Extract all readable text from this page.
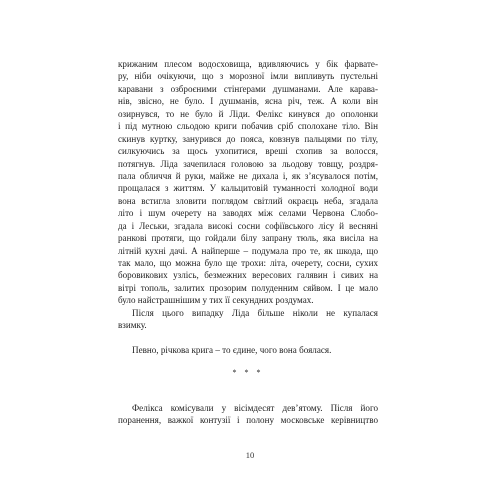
крижаним плесом водосховища, вдивляючись у бік фарвате-
ру, ніби очікуючи, що з морозної імли випливуть пустельні
каравани з озброєними стінґерами душманами. Але карава-
нів, звісно, не було. І душманів, ясна річ, теж. А коли він
озирнувся, то не було й Ліди. Фелікс кинувся до ополонки
і під мутною сльодою криги побачив сріб сполохане тіло. Він
скинув куртку, занурився до пояса, ковзнув пальцями по тілу,
силкуючись за щось ухопитися, вреші схопив за волосся,
потягнув. Ліда зачепилася головою за льодову товщу, роздря-
пала обличчя й руки, майже не дихала і, як з’ясувалося потім,
прощалася з життям. У кальцитовій туманності холодної води
вона встигла зловити поглядом світлий окраєць неба, згадала
літо і шум очерету на заводях між селами Червона Слобо-
да і Леськи, згадала високі сосни софіївського лісу й весняні
ранкові протяги, що гойдали білу запрану тюль, яка висіла на
літній кухні дачі. А найперше – подумала про те, як шкода, що
так мало, що можна було ще трохи: літа, очерету, сосни, сухих
боровикових узлісь, безмежних вересових галявин і сивих на
вітрі тополь, залитих прозорим полуденним сяйвом. І це мало
було найстрашнішим у тих її секундних роздумах.
Після цього випадку Ліда більше ніколи не купалася
взимку.
Певно, річкова крига – то єдине, чого вона боялася.
* * *
Фелікса комісували у вісімдесят дев’ятому. Після його
поранення, важкої контузії і полону московське керівництво
10
